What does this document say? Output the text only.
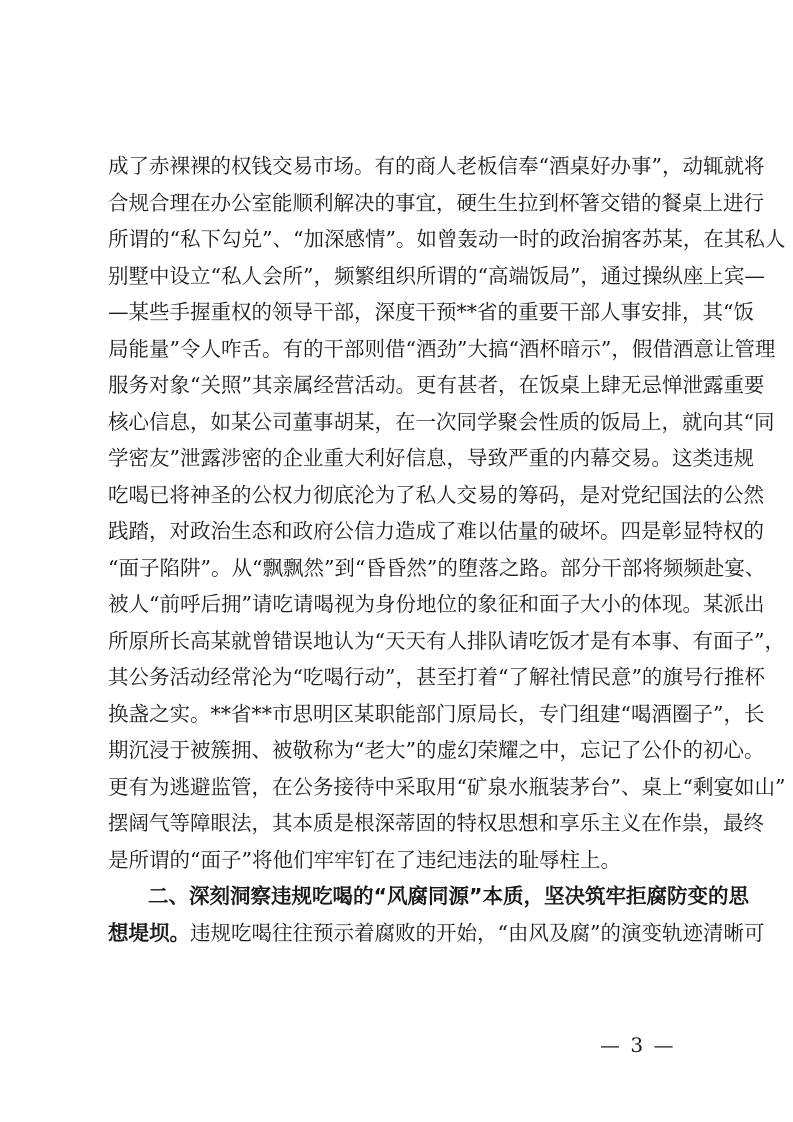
成了赤裸裸的权钱交易市场。有的商人老板信奉“酒桌好办事”，动辄就将
合规合理在办公室能顺利解决的事宜，硬生生拉到杯箸交错的餐桌上进行
所谓的“私下勾兑”、“加深感情”。如曾轰动一时的政治掮客苏某，在其私人
别墅中设立“私人会所”，频繁组织所谓的“高端饭局”，通过操纵座上宾—
—某些手握重权的领导干部，深度干预**省的重要干部人事安排，其“饭
局能量”令人咋舌。有的干部则借“酒劲”大搞“酒杯暗示”，假借酒意让管理
服务对象“关照”其亲属经营活动。更有甚者，在饭桌上肆无忌惮泄露重要
核心信息，如某公司董事胡某，在一次同学聚会性质的饭局上，就向其“同
学密友”泄露涉密的企业重大利好信息，导致严重的内幕交易。这类违规
吃喝已将神圣的公权力彻底沦为了私人交易的筹码，是对党纪国法的公然
践踏，对政治生态和政府公信力造成了难以估量的破坏。四是彰显特权的
“面子陷阱”。从“飘飘然”到“昏昏然”的堕落之路。部分干部将频频赴宴、
被人“前呼后拥”请吃请喝视为身份地位的象征和面子大小的体现。某派出
所原所长高某就曾错误地认为“天天有人排队请吃饭才是有本事、有面子”，
其公务活动经常沦为“吃喝行动”，甚至打着“了解社情民意”的旗号行推杯
换盏之实。**省**市思明区某职能部门原局长，专门组建“喝酒圈子”，长
期沉浸于被簇拥、被敬称为“老大”的虚幻荣耀之中，忘记了公仆的初心。
更有为逃避监管，在公务接待中采取用“矿泉水瓶装茅台”、桌上“剩宴如山”
摆阔气等障眼法，其本质是根深蒂固的特权思想和享乐主义在作祟，最终
是所谓的“面子”将他们牢牢钉在了违纪违法的耻辱柱上。
二、深刻洞察违规吃喝的“风腐同源”本质，坚决筑牢拒腐防变的思
想堤坝。违规吃喝往往预示着腐败的开始，“由风及腐”的演变轨迹清晰可
— 3 —
